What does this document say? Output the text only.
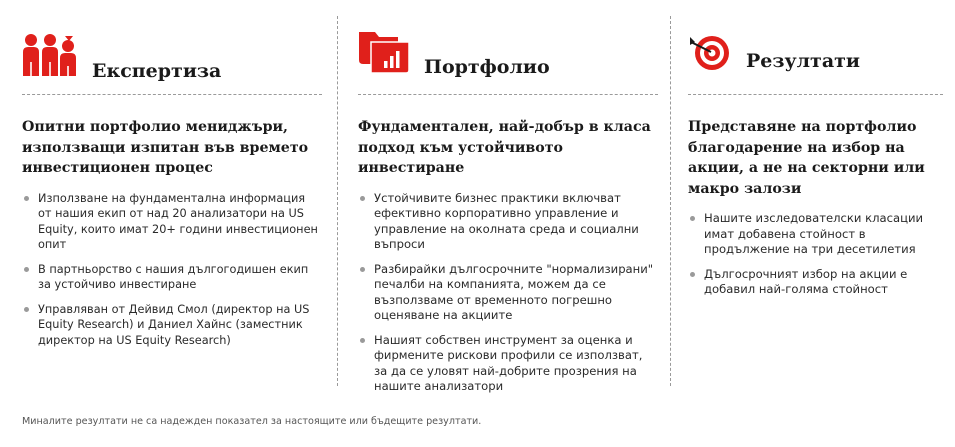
Експертиза
Опитни портфолио мениджъри, използващи изпитан във времето
инвестиционен процес
Използване на фундаментална информация от нашия екип от над 20 анализатори на US Equity, които имат 20+ години инвестиционен опит
В партньорство с нашия дългогодишен екип за устойчиво инвестиране
Управляван от Дейвид Смол (директор на US Equity Research) и Даниел Хайнс (заместник директор на US Equity Research)
Портфолио
Фундаментален, най-добър в класа подход към устойчивото инвестиране
Устойчивите бизнес практики включват ефективно корпоративно управление и управление на околната среда и социални въпроси
Разбирайки дългосрочните "нормализирани" печалби на компанията, можем да се възползваме от временното погрешно оценяване на акциите
Нашият собствен инструмент за оценка и фирмените рискови профили се използват, за да се уловят най-добрите прозрения на нашите анализатори
Резултати
Представяне на портфолио благодарение на избор на акции, а не на секторни или макро залози
Нашите изследователски класации имат добавена стойност в продължение на три десетилетия
Дългосрочният избор на акции е добавил най-голяма стойност
Миналите резултати не са надежден показател за настоящите или бъдещите резултати.
